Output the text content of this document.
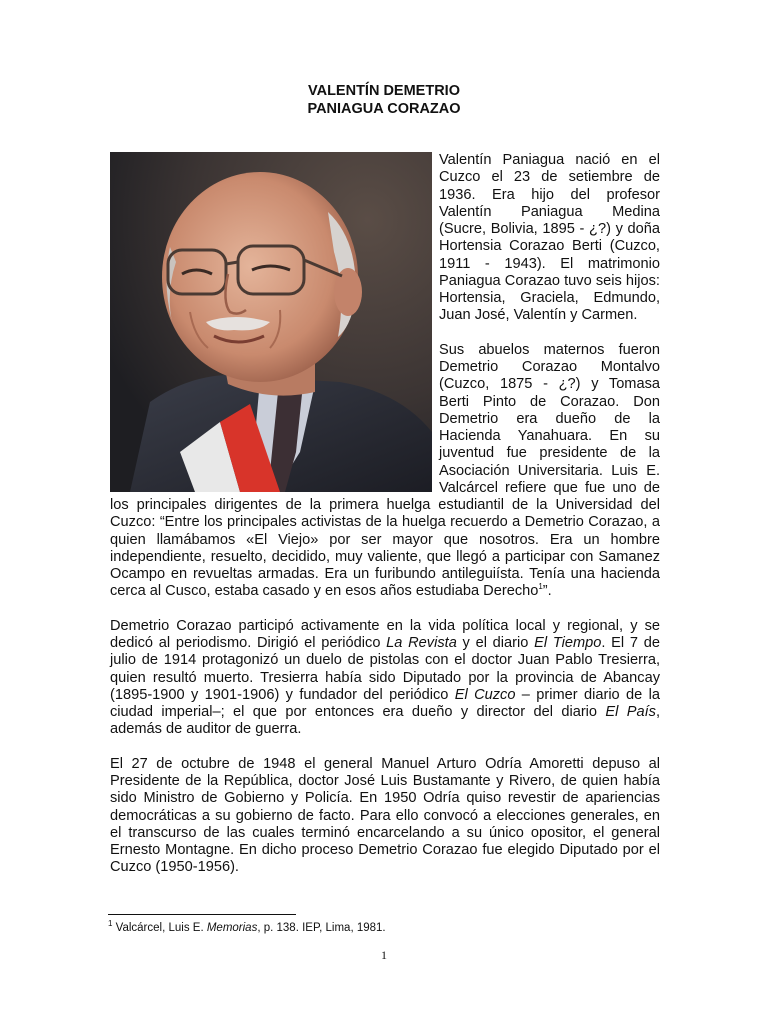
VALENTÍN DEMETRIO
PANIAGUA CORAZAO

Valentín Paniagua nació en el Cuzco el 23 de setiembre de 1936. Era hijo del profesor Valentín Paniagua Medina (Sucre, Bolivia, 1895 - ¿?) y doña Hortensia Corazao Berti (Cuzco, 1911 - 1943). El matrimonio Paniagua Corazao tuvo seis hijos: Hortensia, Graciela, Edmundo, Juan José, Valentín y Carmen.

Sus abuelos maternos fueron Demetrio Corazao Montalvo (Cuzco, 1875 - ¿?) y Tomasa Berti Pinto de Corazao. Don Demetrio era dueño de la Hacienda Yanahuara. En su juventud fue presidente de la Asociación Universitaria. Luis E. Valcárcel refiere que fue uno de los principales dirigentes de la primera huelga estudiantil de la Universidad del Cuzco: “Entre los principales activistas de la huelga recuerdo a Demetrio Corazao, a quien llamábamos «El Viejo» por ser mayor que nosotros. Era un hombre independiente, resuelto, decidido, muy valiente, que llegó a participar con Samanez Ocampo en revueltas armadas. Era un furibundo antileguiísta. Tenía una hacienda cerca al Cusco, estaba casado y en esos años estudiaba Derecho$^1$”.

Demetrio Corazao participó activamente en la vida política local y regional, y se dedicó al periodismo. Dirigió el periódico La Revista y el diario El Tiempo. El 7 de julio de 1914 protagonizó un duelo de pistolas con el doctor Juan Pablo Tresierra, quien resultó muerto. Tresierra había sido Diputado por la provincia de Abancay (1895-1900 y 1901-1906) y fundador del periódico El Cuzco – primer diario de la ciudad imperial–; el que por entonces era dueño y director del diario El País, además de auditor de guerra.

El 27 de octubre de 1948 el general Manuel Arturo Odría Amoretti depuso al Presidente de la República, doctor José Luis Bustamante y Rivero, de quien había sido Ministro de Gobierno y Policía. En 1950 Odría quiso revestir de apariencias democráticas a su gobierno de facto. Para ello convocó a elecciones generales, en el transcurso de las cuales terminó encarcelando a su único opositor, el general Ernesto Montagne. En dicho proceso Demetrio Corazao fue elegido Diputado por el Cuzco (1950-1956).

$^1$ Valcárcel, Luis E. Memorias, p. 138. IEP, Lima, 1981.
1
